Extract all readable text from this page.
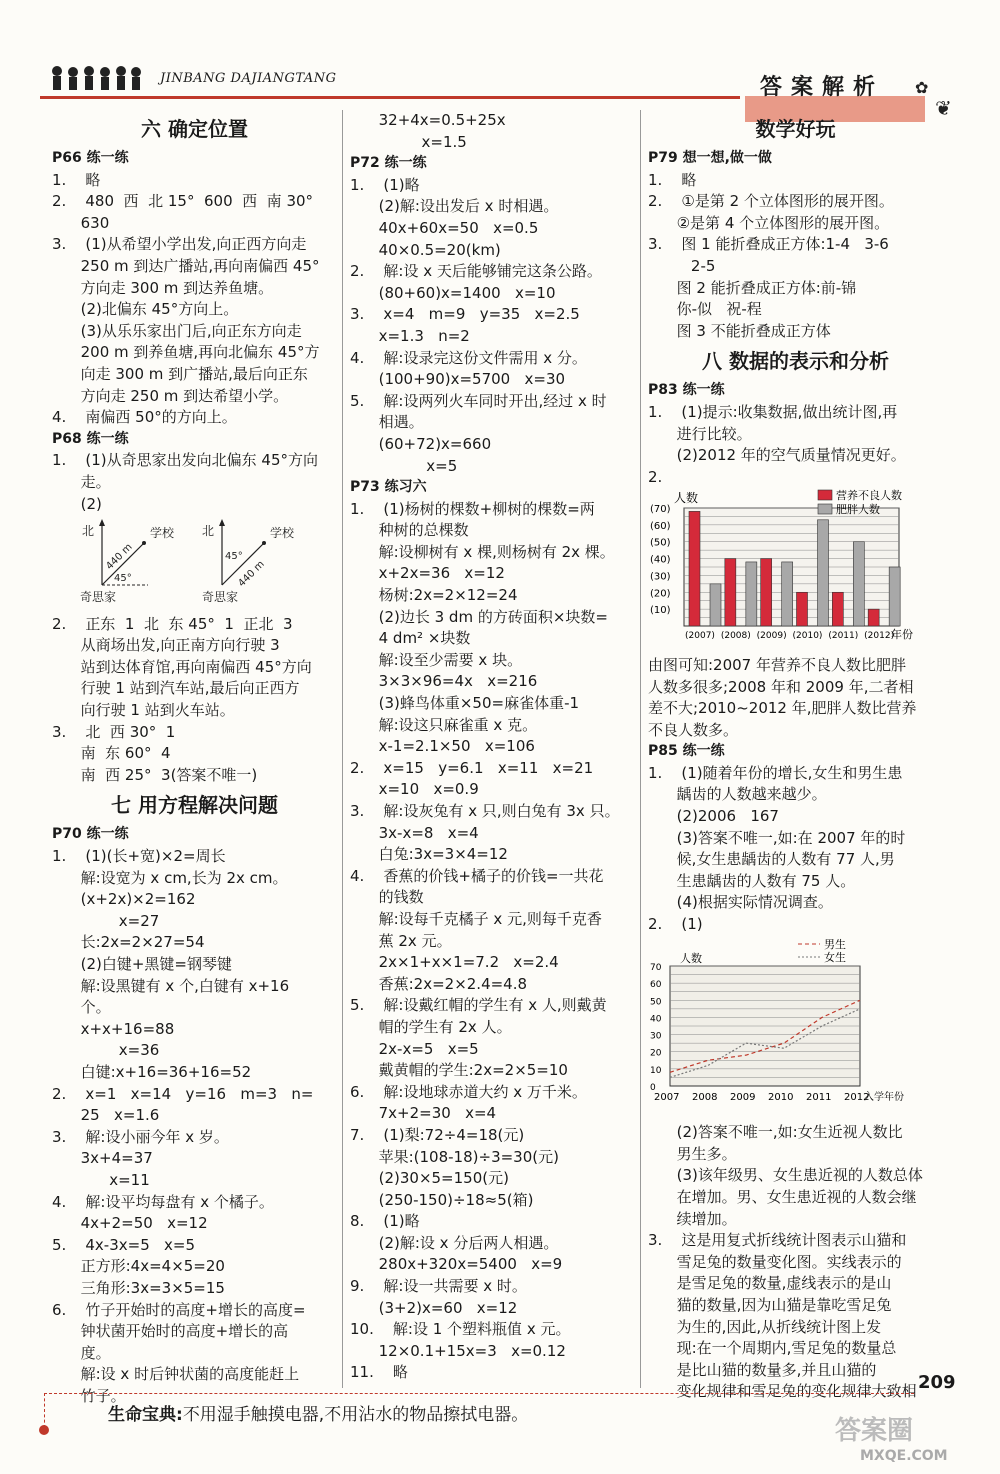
JINBANG DAJIANGTANG	答案解析 ✿
❦
六 确定位置
P66 练一练
1.    略
2.    480  西  北 15°  600  西  南 30°
630
3.    (1)从希望小学出发,向正西方向走
250 m 到达广播站,再向南偏西 45°
方向走 300 m 到达养鱼塘。
(2)北偏东 45°方向上。
(3)从乐乐家出门后,向正东方向走
200 m 到养鱼塘,再向北偏东 45°方
向走 300 m 到广播站,最后向正东
方向走 250 m 到达希望小学。
4.    南偏西 50°的方向上。
P68 练一练
1.    (1)从奇思家出发向北偏东 45°方向
走。
(2)
北	学校
440 m
45°
奇思家
北	学校
440 m
45°
奇思家
2.    正东  1  北  东 45°  1  正北  3
从商场出发,向正南方向行驶 3
站到达体育馆,再向南偏西 45°方向
行驶 1 站到汽车站,最后向正西方
向行驶 1 站到火车站。
3.    北  西 30°  1
南  东 60°  4
南  西 25°  3(答案不唯一)
七 用方程解决问题
P70 练一练
1.    (1)(长+宽)×2=周长
解:设宽为 x cm,长为 2x cm。
(x+2x)×2=162
x=27
长:2x=2×27=54
(2)白键+黑键=钢琴键
解:设黑键有 x 个,白键有 x+16
个。
x+x+16=88
x=36
白键:x+16=36+16=52
2.    x=1   x=14   y=16   m=3   n=
25   x=1.6
3.    解:设小丽今年 x 岁。
3x+4=37
x=11
4.    解:设平均每盘有 x 个橘子。
4x+2=50   x=12
5.    4x-3x=5   x=5
正方形:4x=4×5=20
三角形:3x=3×5=15
6.    竹子开始时的高度+增长的高度=
钟状菌开始时的高度+增长的高
度。
解:设 x 时后钟状菌的高度能赶上
竹子。
32+4x=0.5+25x
x=1.5
P72 练一练
1.    (1)略
(2)解:设出发后 x 时相遇。
40x+60x=50   x=0.5
40×0.5=20(km)
2.    解:设 x 天后能够铺完这条公路。
(80+60)x=1400   x=10
3.    x=4   m=9   y=35   x=2.5
x=1.3   n=2
4.    解:设录完这份文件需用 x 分。
(100+90)x=5700   x=30
5.    解:设两列火车同时开出,经过 x 时
相遇。
(60+72)x=660
x=5
P73 练习六
1.    (1)杨树的棵数+柳树的棵数=两
种树的总棵数
解:设柳树有 x 棵,则杨树有 2x 棵。
x+2x=36   x=12
杨树:2x=2×12=24
(2)边长 3 dm 的方砖面积×块数=
4 dm² ×块数
解:设至少需要 x 块。
3×3×96=4x   x=216
(3)蜂鸟体重×50=麻雀体重-1
解:设这只麻雀重 x 克。
x-1=2.1×50   x=106
2.    x=15   y=6.1   x=11   x=21
x=10   x=0.9
3.    解:设灰兔有 x 只,则白兔有 3x 只。
3x-x=8   x=4
白兔:3x=3×4=12
4.    香蕉的价钱+橘子的价钱=一共花
的钱数
解:设每千克橘子 x 元,则每千克香
蕉 2x 元。
2x×1+x×1=7.2   x=2.4
香蕉:2x=2×2.4=4.8
5.    解:设戴红帽的学生有 x 人,则戴黄
帽的学生有 2x 人。
2x-x=5   x=5
戴黄帽的学生:2x=2×5=10
6.    解:设地球赤道大约 x 万千米。
7x+2=30   x=4
7.    (1)梨:72÷4=18(元)
苹果:(108-18)÷3=30(元)
(2)30×5=150(元)
(250-150)÷18≈5(箱)
8.    (1)略
(2)解:设 x 分后两人相遇。
280x+320x=5400   x=9
9.    解:设一共需要 x 时。
(3+2)x=60   x=12
10.    解:设 1 个塑料瓶值 x 元。
12×0.1+15x=3   x=0.12
11.    略
数学好玩
P79 想一想,做一做
1.    略
2.    ①是第 2 个立体图形的展开图。
②是第 4 个立体图形的展开图。
3.    图 1 能折叠成正方体:1-4   3-6
2-5
图 2 能折叠成正方体:前-锦
你-似   祝-程
图 3 不能折叠成正方体
八 数据的表示和分析
P83 练一练
1.    (1)提示:收集数据,做出统计图,再
进行比较。
(2)2012 年的空气质量情况更好。
2.
(10)
(20)
(30)
(40)
(50)
(60)
(70)
人数
(2007) (2008) (2009) (2010) (2011) (2012)
年份
营养不良人数
肥胖人数
由图可知:2007 年营养不良人数比肥胖
人数多很多;2008 年和 2009 年,二者相
差不大;2010~2012 年,肥胖人数比营养
不良人数多。
P85 练一练
1.    (1)随着年份的增长,女生和男生患
龋齿的人数越来越少。
(2)2006   167
(3)答案不唯一,如:在 2007 年的时
候,女生患龋齿的人数有 77 人,男
生患龋齿的人数有 75 人。
(4)根据实际情况调查。
2.    (1)
0
10
20
30
40
50
60
70
人数
2007 2008 2009 2010 2011 2012
入学年份
男生
女生
(2)答案不唯一,如:女生近视人数比
男生多。
(3)该年级男、女生患近视的人数总体
在增加。男、女生患近视的人数会继
续增加。
3.    这是用复式折线统计图表示山猫和
雪足兔的数量变化图。实线表示的
是雪足兔的数量,虚线表示的是山
猫的数量,因为山猫是靠吃雪足兔
为生的,因此,从折线统计图上发
现:在一个周期内,雪足兔的数量总
是比山猫的数量多,并且山猫的
变化规律和雪足兔的变化规律大致相
生命宝典:不用湿手触摸电器,不用沾水的物品擦拭电器。
209
答案圈
MXQE.COM
